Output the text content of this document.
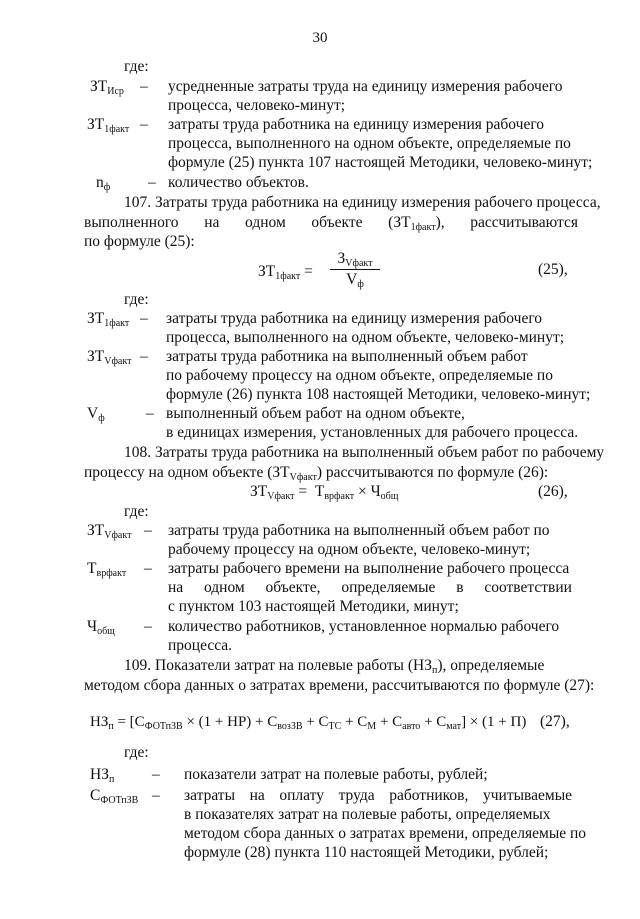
30
где:
$ЗТ_{Иср}$ – усредненные затраты труда на единицу измерения рабочего
процесса, человеко-минут;
$ЗТ_{1факт}$ – затраты труда работника на единицу измерения рабочего
процесса, выполненного на одном объекте, определяемые по
формуле (25) пункта 107 настоящей Методики, человеко-минут;
$n_ф$ – количество объектов.
107. Затраты труда работника на единицу измерения рабочего процесса,
выполненного на одном объекте $(ЗТ_{1факт})$, рассчитываются
по формуле (25):
$ЗТ_{1факт}$ =
$З_{Vфакт}$
$V_ф$
(25),
где:
$ЗТ_{1факт}$ – затраты труда работника на единицу измерения рабочего
процесса, выполненного на одном объекте, человеко-минут;
$ЗТ_{Vфакт}$ – затраты труда работника на выполненный объем работ
по рабочему процессу на одном объекте, определяемые по
формуле (26) пункта 108 настоящей Методики, человеко-минут;
$V_ф$	– выполненный объем работ на одном объекте,
в единицах измерения, установленных для рабочего процесса.
108. Затраты труда работника на выполненный объем работ по рабочему
процессу на одном объекте $(ЗТ_{Vфакт})$ рассчитываются по формуле (26):
$ЗТ_{Vфакт} = Т_{врфакт} \times Ч_{общ}$	(26),
где:
$ЗТ_{Vфакт}$ – затраты труда работника на выполненный объем работ по
рабочему процессу на одном объекте, человеко-минут;
$Т_{врфакт}$ – затраты рабочего времени на выполнение рабочего процесса
на одном объекте, определяемые в соответствии
с пунктом 103 настоящей Методики, минут;
$Ч_{общ}$ – количество работников, установленное нормалью рабочего
процесса.
109. Показатели затрат на полевые работы $(НЗ_п)$, определяемые
методом сбора данных о затратах времени, рассчитываются по формуле (27):
$НЗ_п = [С_{ФОТпЗВ} \times (1 + НР) + С_{возЗВ} + С_{ТС} + С_М + С_{авто} + С_{мат}] \times (1 + П)$ (27),
где:
$НЗ_п$ – показатели затрат на полевые работы, рублей;
$С_{ФОТпЗВ}$ – затраты на оплату труда работников, учитываемые
в показателях затрат на полевые работы, определяемых
методом сбора данных о затратах времени, определяемые по
формуле (28) пункта 110 настоящей Методики, рублей;
